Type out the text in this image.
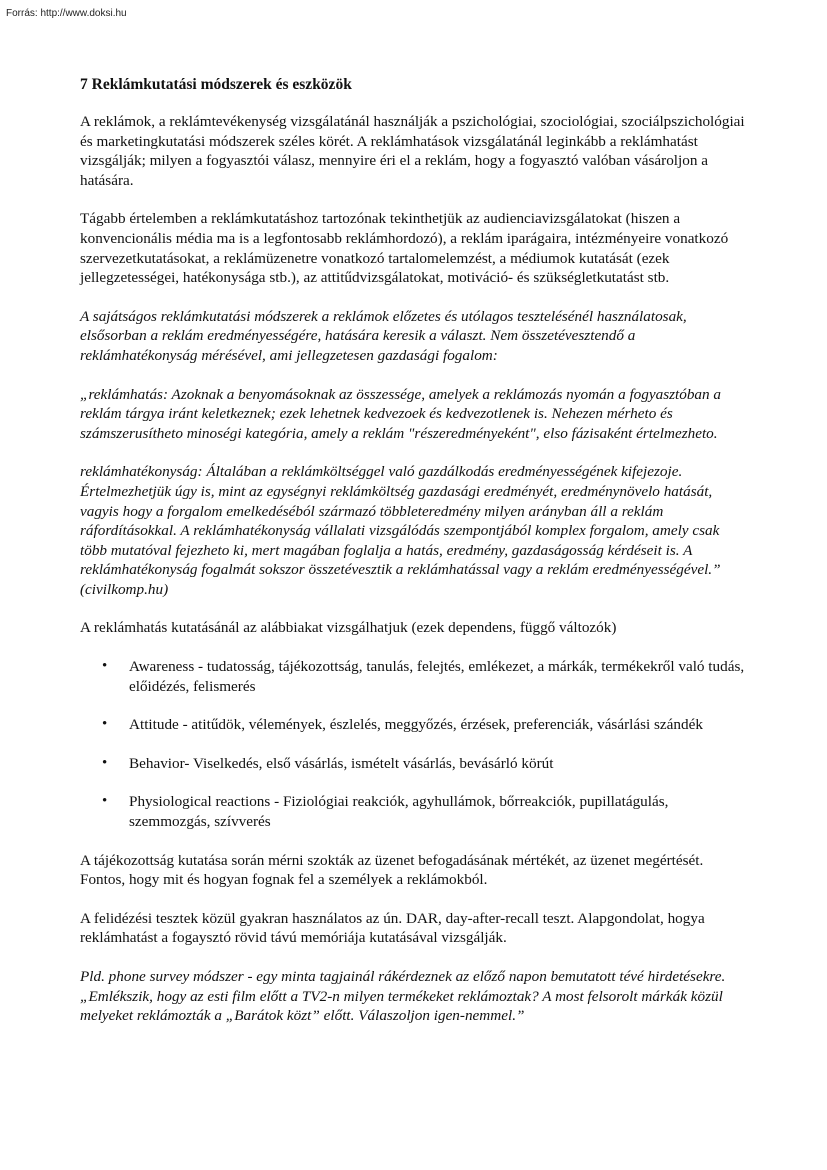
Forrás: http://www.doksi.hu
7 Reklámkutatási módszerek és eszközök

A reklámok, a reklámtevékenység vizsgálatánál használják a pszichológiai, szociológiai, szociálpszichológiai és marketingkutatási módszerek széles körét. A reklámhatások vizsgálatánál leginkább a reklámhatást vizsgálják; milyen a fogyasztói válasz, mennyire éri el a reklám, hogy a fogyasztó valóban vásároljon a hatására.

Tágabb értelemben a reklámkutatáshoz tartozónak tekinthetjük az audienciavizsgálatokat (hiszen a konvencionális média ma is a legfontosabb reklámhordozó), a reklám iparágaira, intézményeire vonatkozó szervezetkutatásokat, a reklámüzenetre vonatkozó tartalomelemzést, a médiumok kutatását (ezek jellegzetességei, hatékonysága stb.), az attitűdvizsgálatokat, motiváció- és szükségletkutatást stb.

A sajátságos reklámkutatási módszerek a reklámok előzetes és utólagos tesztelésénél használatosak, elsősorban a reklám eredményességére, hatására keresik a választ. Nem összetévesztendő a reklámhatékonyság mérésével, ami jellegzetesen gazdasági fogalom:

„reklámhatás: Azoknak a benyomásoknak az összessége, amelyek a reklámozás nyomán a fogyasztóban a reklám tárgya iránt keletkeznek; ezek lehetnek kedvezoek és kedvezotlenek is. Nehezen mérheto és számszerusítheto minoségi kategória, amely a reklám "részeredményeként", elso fázisaként értelmezheto.

reklámhatékonyság: Általában a reklámköltséggel való gazdálkodás eredményességének kifejezoje. Értelmezhetjük úgy is, mint az egységnyi reklámköltség gazdasági eredményét, eredménynövelo hatását, vagyis hogy a forgalom emelkedéséból származó többleteredmény milyen arányban áll a reklám ráfordításokkal. A reklámhatékonyság vállalati vizsgálódás szempontjából komplex forgalom, amely csak több mutatóval fejezheto ki, mert magában foglalja a hatás, eredmény, gazdaságosság kérdéseit is. A reklámhatékonyság fogalmát sokszor összetévesztik a reklámhatással vagy a reklám eredményességével.” (civilkomp.hu)

A reklámhatás kutatásánál az alábbiakat vizsgálhatjuk (ezek dependens, függő változók)

• Awareness - tudatosság, tájékozottság, tanulás, felejtés, emlékezet, a márkák, termékekről való tudás, előidézés, felismerés
• Attitude - atitűdök, vélemények, észlelés, meggyőzés, érzések, preferenciák, vásárlási szándék
• Behavior- Viselkedés, első vásárlás, ismételt vásárlás, bevásárló körút
• Physiological reactions - Fiziológiai reakciók, agyhullámok, bőrreakciók, pupillatágulás, szemmozgás, szívverés

A tájékozottság kutatása során mérni szokták az üzenet befogadásának mértékét, az üzenet megértését. Fontos, hogy mit és hogyan fognak fel a személyek a reklámokból.

A felidézési tesztek közül gyakran használatos az ún. DAR, day-after-recall teszt. Alapgondolat, hogya reklámhatást a fogaysztó rövid távú memóriája kutatásával vizsgálják.

Pld. phone survey módszer - egy minta tagjainál rákérdeznek az előző napon bemutatott tévé hirdetésekre. „Emlékszik, hogy az esti film előtt a TV2-n milyen termékeket reklámoztak? A most felsorolt márkák közül melyeket reklámozták a „Barátok közt” előtt. Válaszoljon igen-nemmel.”
